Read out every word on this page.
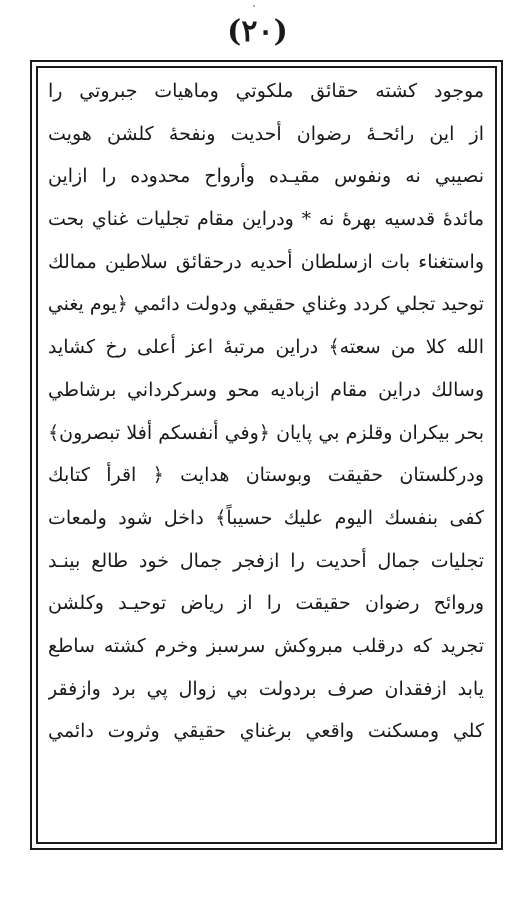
(٢٠)
موجود كشته حقائق ملكوتي وماهيات جبروتي را
از اين رائحـۀ رضوان أحديت ونفحۀ كلشن هويت
نصيبي نه ونفوس مقيـده وأرواح محدوده را ازاين
مائدۀ قدسيه بهرۀ نه * ودراين مقام تجليات غناي بحت
واستغناء بات ازسلطان أحديه درحقائق سلاطين ممالك
توحيد تجلي كردد وغناي حقيقي ودولت دائمي ﴿يوم يغني
الله كلا من سعته﴾ دراين مرتبۀ اعز أعلى رخ كشايد
وسالك دراين مقام ازباديه محو وسركرداني برشاطي
بحر بيكران وقلزم بي پايان ﴿وفي أنفسكم أفلا تبصرون﴾
ودركلستان حقيقت وبوستان هدايت ﴿ اقرأ كتابك
كفى بنفسك اليوم عليك حسيباً﴾ داخل شود ولمعات
تجليات جمال أحديت را ازفجر جمال خود طالع بينـد
وروائح رضوان حقيقت را از رياض توحيـد وكلشن
تجريد كه درقلب مبروكش سرسبز وخرم كشته ساطع
يابد ازفقدان صرف بردولت بي زوال پي برد وازفقر
كلي ومسكنت واقعي برغناي حقيقي وثروت دائمي
